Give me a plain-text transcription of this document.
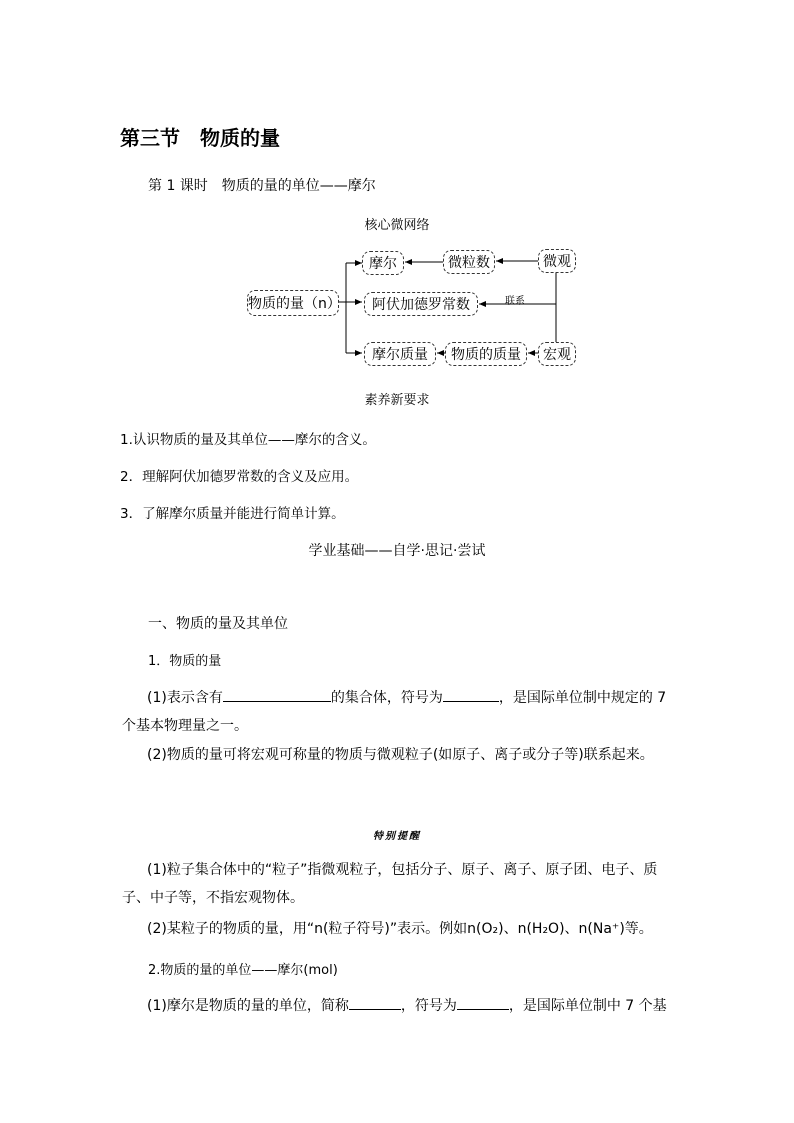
第三节　物质的量
第 1 课时　物质的量的单位——摩尔
核心微网络
物质的量（n）
摩尔	微粒数	微观
阿伏加德罗常数	联系
摩尔质量	物质的质量	宏观
素养新要求
1.认识物质的量及其单位——摩尔的含义。
2．理解阿伏加德罗常数的含义及应用。
3．了解摩尔质量并能进行简单计算。
学业基础——自学·思记·尝试
一、物质的量及其单位
1．物质的量
(1)表示含有	的集合体，符号为	，是国际单位制中规定的 7 个基本物理量之一。
(2)物质的量可将宏观可称量的物质与微观粒子(如原子、离子或分子等)联系起来。
特别提醒
(1)粒子集合体中的“粒子”指微观粒子，包括分子、原子、离子、原子团、电子、质子、中子等，不指宏观物体。
(2)某粒子的物质的量，用“n(粒子符号)”表示。例如n(O₂)、n(H₂O)、n(Na⁺)等。
2.物质的量的单位——摩尔(mol)
(1)摩尔是物质的量的单位，简称	，符号为	，是国际单位制中 7 个基
